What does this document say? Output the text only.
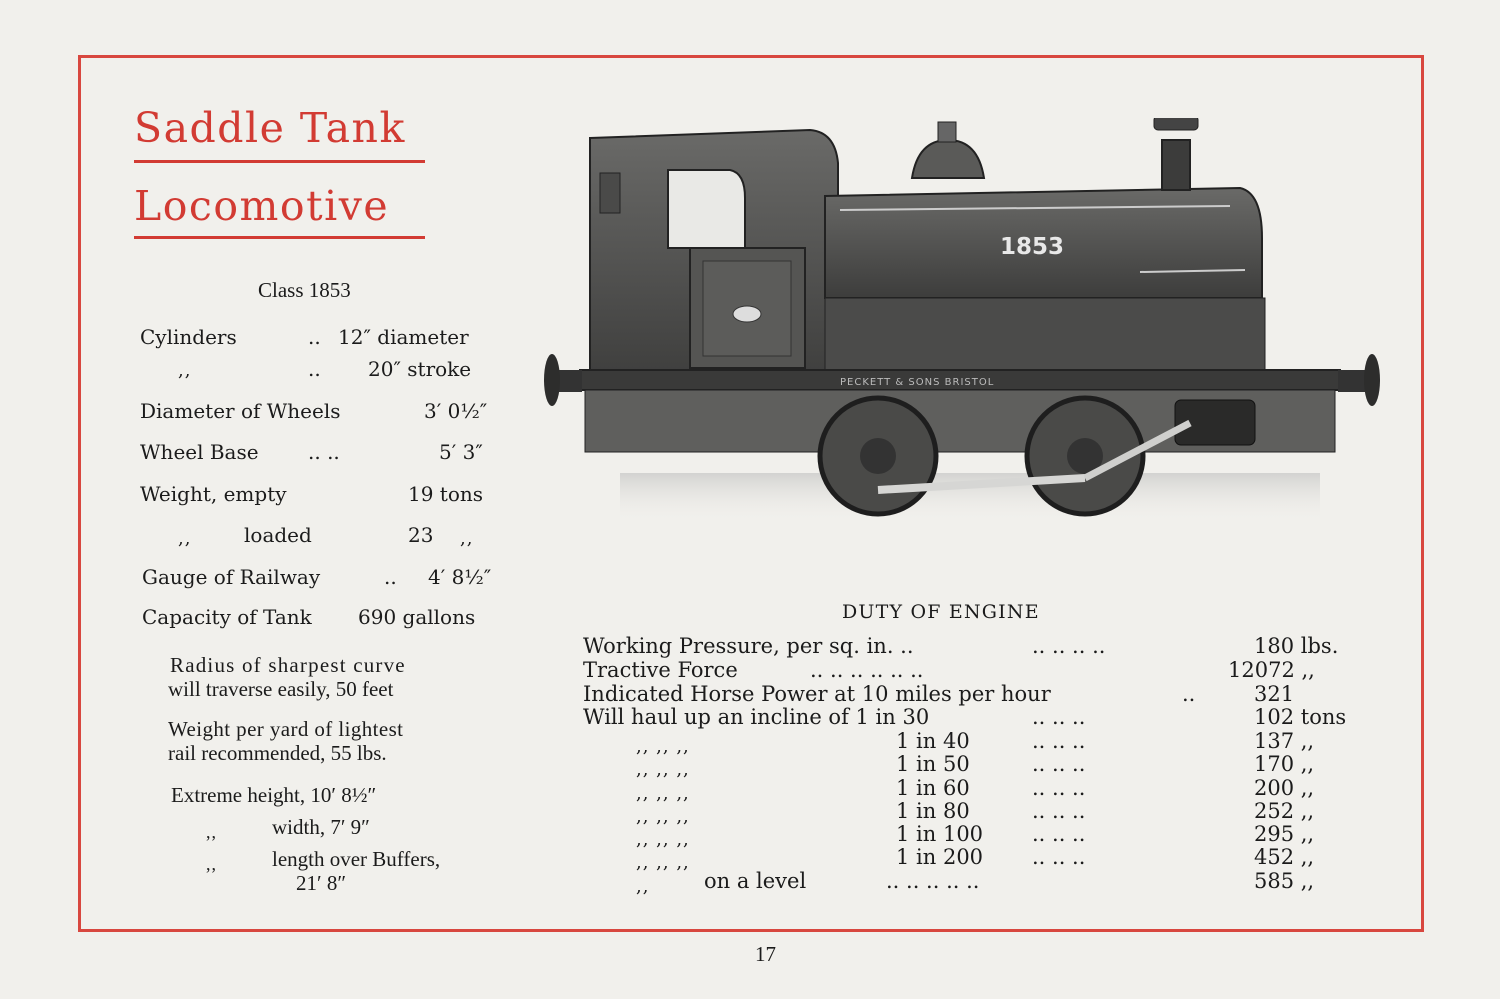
Saddle Tank
Locomotive
Class 1853
Cylinders	.. 12″ diameter
,,	.. 20″ stroke
Diameter of Wheels	3′ 0½″
Wheel Base .. ..	5′ 3″
Weight, empty	19 tons
,,	loaded	23 ,,
Gauge of Railway	.. 4′ 8½″
Capacity of Tank 690 gallons
Radius of sharpest curve
will traverse easily, 50 feet
Weight per yard of lightest
rail recommended, 55 lbs.
Extreme height, 10′ 8½″
,,	width, 7′ 9″
,,	length over Buffers,
21′ 8″
1853
PECKETT & SONS BRISTOL
DUTY OF ENGINE
Working Pressure, per sq. in. ..	.. .. .. ..	180 lbs.
Tractive Force	.. .. .. .. .. ..	12072 ,,
Indicated Horse Power at 10 miles per hour	..	321
Will haul up an incline of 1 in 30	.. .. ..	102 tons
,, ,, ,,	1 in 40	.. .. ..	137 ,,
,, ,, ,,	1 in 50	.. .. ..	170 ,,
,, ,, ,,	1 in 60	.. .. ..	200 ,,
,, ,, ,,	1 in 80	.. .. ..	252 ,,
,, ,, ,,	1 in 100 .. .. ..	295 ,,
,, ,, ,,	1 in 200 .. .. ..	452 ,,
,,	on a level	.. .. .. .. ..	585 ,,
17
